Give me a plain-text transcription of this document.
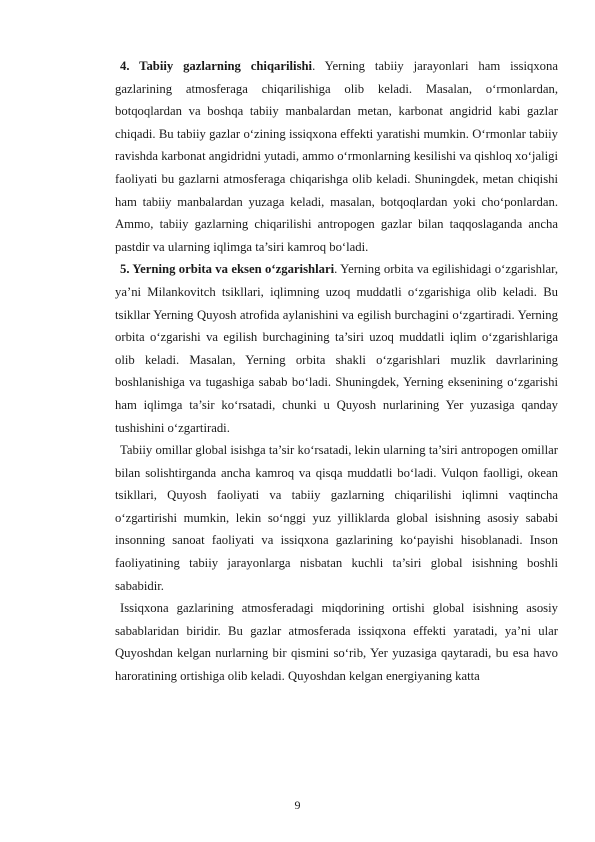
4. Tabiiy gazlarning chiqarilishi. Yerning tabiiy jarayonlari ham issiqxona gazlarining atmosferaga chiqarilishiga olib keladi. Masalan, o‘rmonlardan, botqoqlardan va boshqa tabiiy manbalardan metan, karbonat angidrid kabi gazlar chiqadi. Bu tabiiy gazlar o‘zining issiqxona effekti yaratishi mumkin. O‘rmonlar tabiiy ravishda karbonat angidridni yutadi, ammo o‘rmonlarning kesilishi va qishloq xo‘jaligi faoliyati bu gazlarni atmosferaga chiqarishga olib keladi. Shuningdek, metan chiqishi ham tabiiy manbalardan yuzaga keladi, masalan, botqoqlardan yoki cho‘ponlardan. Ammo, tabiiy gazlarning chiqarilishi antropogen gazlar bilan taqqoslaganda ancha pastdir va ularning iqlimga ta’siri kamroq bo‘ladi.

5. Yerning orbita va eksen o‘zgarishlari. Yerning orbita va egilishidagi o‘zgarishlar, ya’ni Milankovitch tsikllari, iqlimning uzoq muddatli o‘zgarishiga olib keladi. Bu tsikllar Yerning Quyosh atrofida aylanishini va egilish burchagini o‘zgartiradi. Yerning orbita o‘zgarishi va egilish burchagining ta’siri uzoq muddatli iqlim o‘zgarishlariga olib keladi. Masalan, Yerning orbita shakli o‘zgarishlari muzlik davrlarining boshlanishiga va tugashiga sabab bo‘ladi. Shuningdek, Yerning eksenining o‘zgarishi ham iqlimga ta’sir ko‘rsatadi, chunki u Quyosh nurlarining Yer yuzasiga qanday tushishini o‘zgartiradi.

Tabiiy omillar global isishga ta’sir ko‘rsatadi, lekin ularning ta’siri antropogen omillar bilan solishtirganda ancha kamroq va qisqa muddatli bo‘ladi. Vulqon faolligi, okean tsikllari, Quyosh faoliyati va tabiiy gazlarning chiqarilishi iqlimni vaqtincha o‘zgartirishi mumkin, lekin so‘nggi yuz yilliklarda global isishning asosiy sababi insonning sanoat faoliyati va issiqxona gazlarining ko‘payishi hisoblanadi. Inson faoliyatining tabiiy jarayonlarga nisbatan kuchli ta’siri global isishning boshli sababidir.

Issiqxona gazlarining atmosferadagi miqdorining ortishi global isishning asosiy sabablaridan biridir. Bu gazlar atmosferada issiqxona effekti yaratadi, ya’ni ular Quyoshdan kelgan nurlarning bir qismini so‘rib, Yer yuzasiga qaytaradi, bu esa havo haroratining ortishiga olib keladi. Quyoshdan kelgan energiyaning katta

9
